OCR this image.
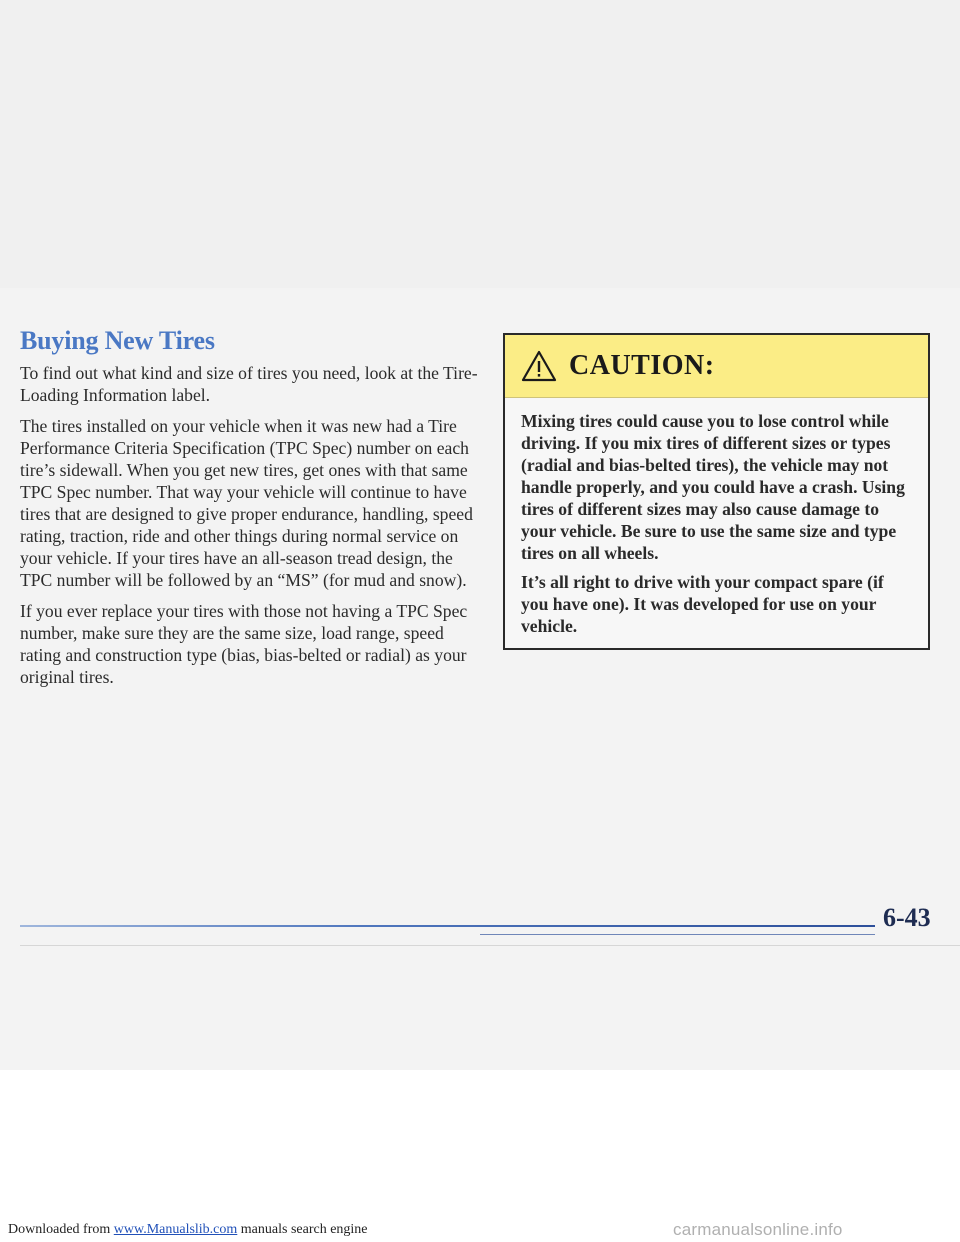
Buying New Tires

To find out what kind and size of tires you need, look at the Tire-Loading Information label.

The tires installed on your vehicle when it was new had a Tire Performance Criteria Specification (TPC Spec) number on each tire’s sidewall. When you get new tires, get ones with that same TPC Spec number. That way your vehicle will continue to have tires that are designed to give proper endurance, handling, speed rating, traction, ride and other things during normal service on your vehicle. If your tires have an all-season tread design, the TPC number will be followed by an “MS” (for mud and snow).

If you ever replace your tires with those not having a TPC Spec number, make sure they are the same size, load range, speed rating and construction type (bias, bias-belted or radial) as your original tires.

CAUTION:

Mixing tires could cause you to lose control while driving. If you mix tires of different sizes or types (radial and bias-belted tires), the vehicle may not handle properly, and you could have a crash. Using tires of different sizes may also cause damage to your vehicle. Be sure to use the same size and type tires on all wheels.

It’s all right to drive with your compact spare (if you have one). It was developed for use on your vehicle.

6-43

Downloaded from www.Manualslib.com manuals search engine	carmanualsonline.info
